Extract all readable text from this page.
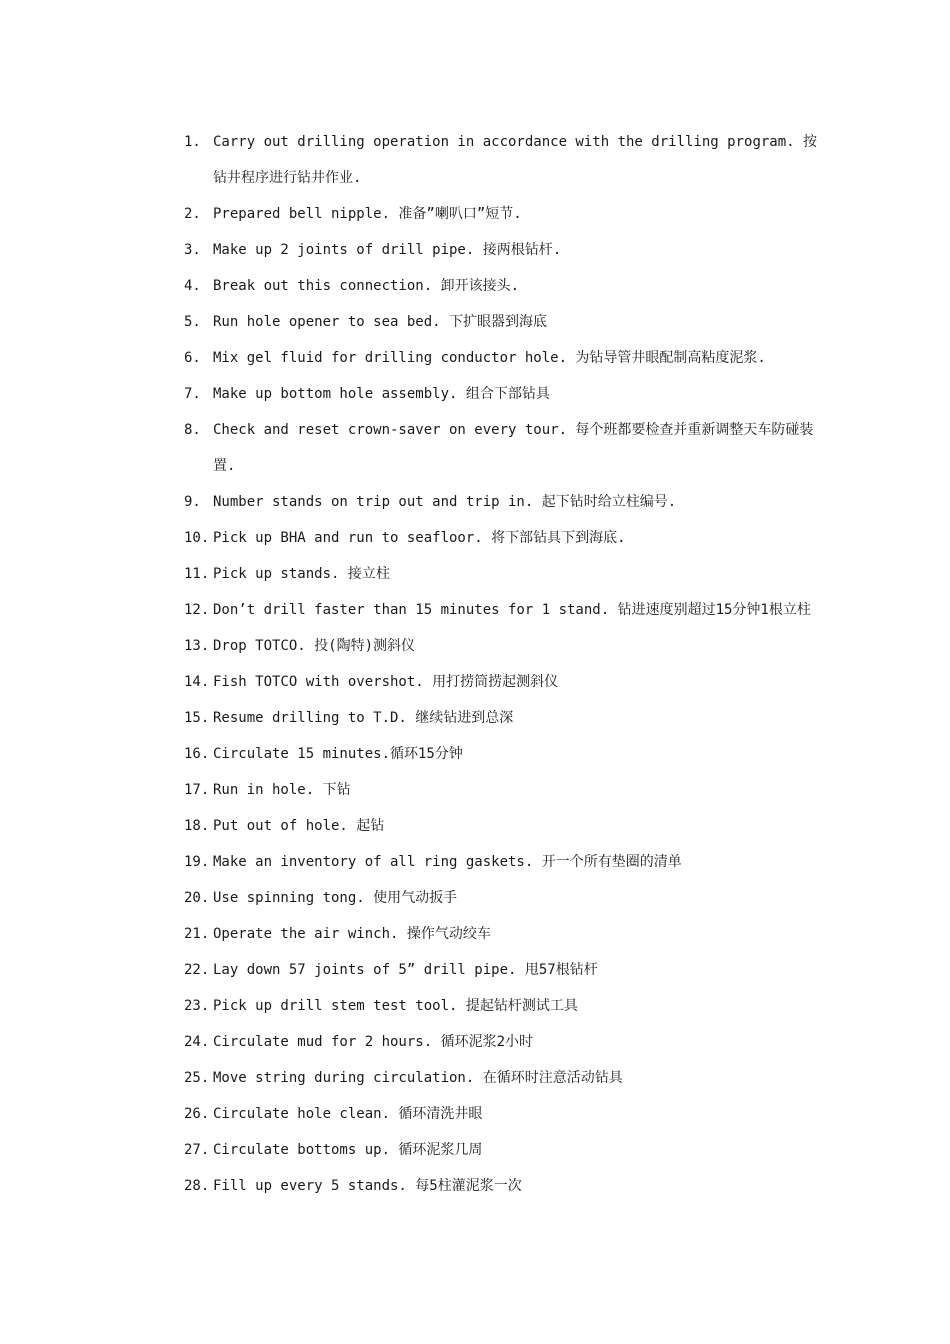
1. Carry out drilling operation in accordance with the drilling program. 按钻井程序进行钻井作业.
2. Prepared bell nipple. 准备”喇叭口”短节.
3. Make up 2 joints of drill pipe. 接两根钻杆.
4. Break out this connection. 卸开该接头.
5. Run hole opener to sea bed. 下扩眼器到海底
6. Mix gel fluid for drilling conductor hole. 为钻导管井眼配制高粘度泥浆.
7. Make up bottom hole assembly. 组合下部钻具
8. Check and reset crown-saver on every tour. 每个班都要检查并重新调整天车防碰装置.
9. Number stands on trip out and trip in. 起下钻时给立柱编号.
10. Pick up BHA and run to seafloor. 将下部钻具下到海底.
11. Pick up stands. 接立柱
12. Don’t drill faster than 15 minutes for 1 stand. 钻进速度别超过15分钟1根立柱
13. Drop TOTCO. 投(陶特)测斜仪
14. Fish TOTCO with overshot. 用打捞筒捞起测斜仪
15. Resume drilling to T.D. 继续钻进到总深
16. Circulate 15 minutes.循环15分钟
17. Run in hole. 下钻
18. Put out of hole. 起钻
19. Make an inventory of all ring gaskets. 开一个所有垫圈的清单
20. Use spinning tong. 使用气动扳手
21. Operate the air winch. 操作气动绞车
22. Lay down 57 joints of 5” drill pipe. 甩57根钻杆
23. Pick up drill stem test tool. 提起钻杆测试工具
24. Circulate mud for 2 hours. 循环泥浆2小时
25. Move string during circulation. 在循环时注意活动钻具
26. Circulate hole clean. 循环清洗井眼
27. Circulate bottoms up. 循环泥浆几周
28. Fill up every 5 stands. 每5柱灌泥浆一次
